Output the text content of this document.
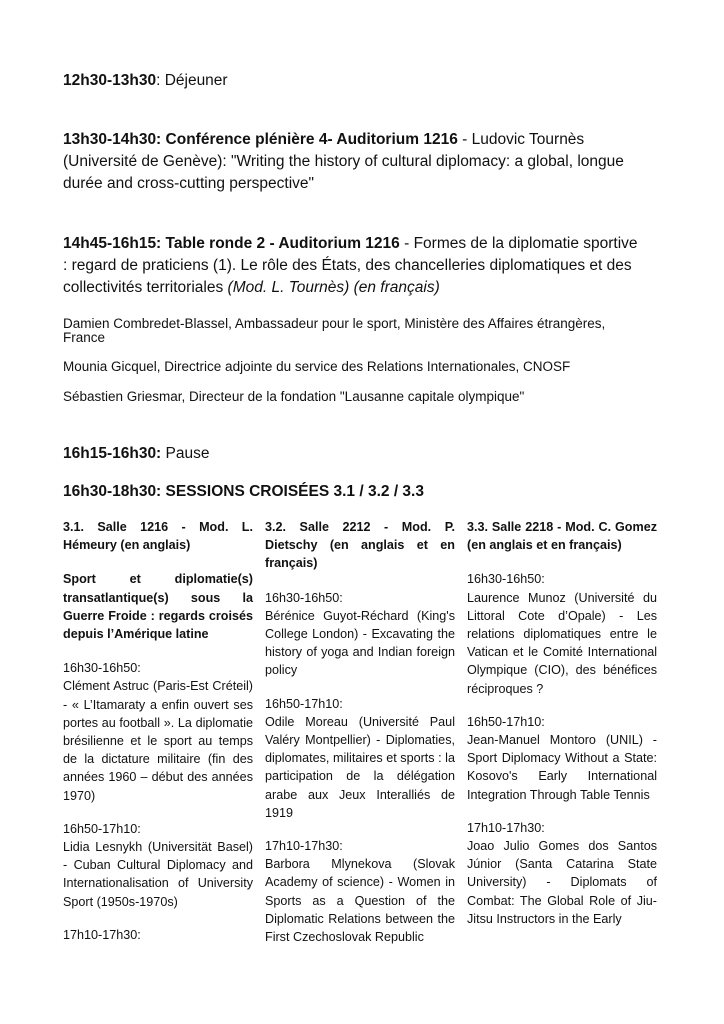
12h30-13h30: Déjeuner
13h30-14h30: Conférence plénière 4- Auditorium 1216 - Ludovic Tournès
(Université de Genève): "Writing the history of cultural diplomacy: a global, longue
durée and cross-cutting perspective"
14h45-16h15: Table ronde 2 - Auditorium 1216 - Formes de la diplomatie sportive
: regard de praticiens (1). Le rôle des États, des chancelleries diplomatiques et des
collectivités territoriales (Mod. L. Tournès) (en français)
Damien Combredet-Blassel, Ambassadeur pour le sport, Ministère des Affaires étrangères,
France
Mounia Gicquel, Directrice adjointe du service des Relations Internationales, CNOSF
Sébastien Griesmar, Directeur de la fondation "Lausanne capitale olympique"
16h15-16h30: Pause
16h30-18h30: SESSIONS CROISÉES 3.1 / 3.2 / 3.3

3.1. Salle 1216 - Mod. L. Hémeury (en anglais)

Sport et diplomatie(s) transatlantique(s) sous la Guerre Froide : regards croisés depuis l’Amérique latine

16h30-16h50:
Clément Astruc (Paris-Est Créteil) - « L’Itamaraty a enfin ouvert ses portes au football ». La diplomatie brésilienne et le sport au temps de la dictature militaire (fin des années 1960 – début des années 1970)

16h50-17h10:
Lidia Lesnykh (Universität Basel) - Cuban Cultural Diplomacy and Internationalisation of University Sport (1950s-1970s)

17h10-17h30:

3.2. Salle 2212 - Mod. P. Dietschy (en anglais et en français)

16h30-16h50:
Bérénice Guyot-Réchard (King's College London) - Excavating the history of yoga and Indian foreign policy

16h50-17h10:
Odile Moreau (Université Paul Valéry Montpellier) - Diplomaties, diplomates, militaires et sports : la participation de la délégation arabe aux Jeux Interalliés de 1919

17h10-17h30:
Barbora Mlynekova (Slovak Academy of science) - Women in Sports as a Question of the Diplomatic Relations between the First Czechoslovak Republic

3.3. Salle 2218 - Mod. C. Gomez (en anglais et en français)

16h30-16h50:
Laurence Munoz (Université du Littoral Cote d’Opale) - Les relations diplomatiques entre le Vatican et le Comité International Olympique (CIO), des bénéfices réciproques ?

16h50-17h10:
Jean-Manuel Montoro (UNIL) - Sport Diplomacy Without a State: Kosovo's Early International Integration Through Table Tennis

17h10-17h30:
Joao Julio Gomes dos Santos Júnior (Santa Catarina State University) - Diplomats of Combat: The Global Role of Jiu-Jitsu Instructors in the Early
